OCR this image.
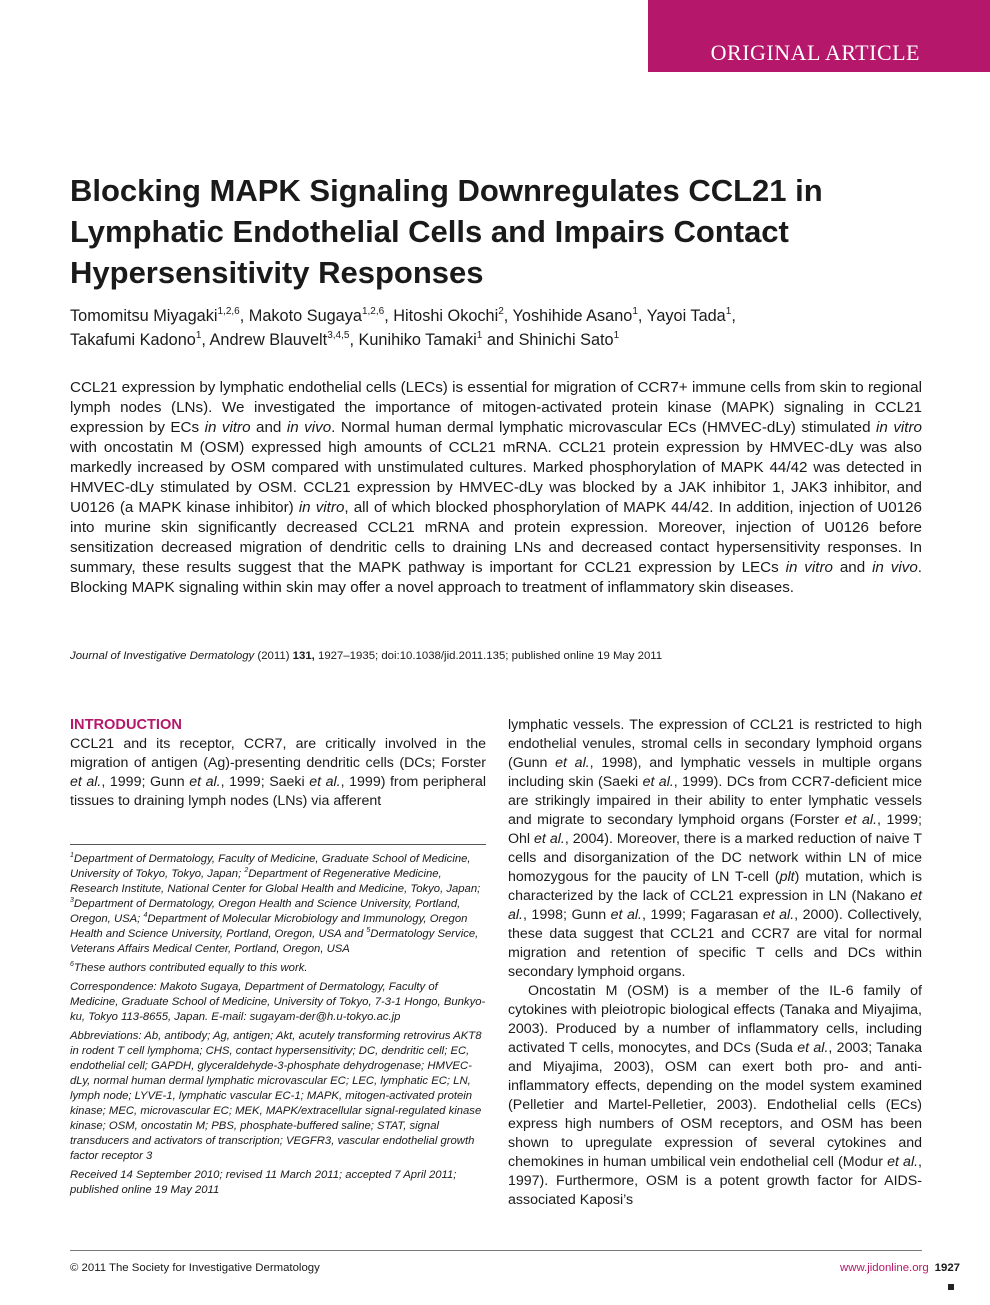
ORIGINAL ARTICLE
Blocking MAPK Signaling Downregulates CCL21 in Lymphatic Endothelial Cells and Impairs Contact Hypersensitivity Responses
Tomomitsu Miyagaki$^{1,2,6}$, Makoto Sugaya$^{1,2,6}$, Hitoshi Okochi$^2$, Yoshihide Asano$^1$, Yayoi Tada$^1$,
Takafumi Kadono$^1$, Andrew Blauvelt$^{3,4,5}$, Kunihiko Tamaki$^1$ and Shinichi Sato$^1$

CCL21 expression by lymphatic endothelial cells (LECs) is essential for migration of CCR7+ immune cells from skin to regional lymph nodes (LNs). We investigated the importance of mitogen-activated protein kinase (MAPK) signaling in CCL21 expression by ECs in vitro and in vivo. Normal human dermal lymphatic microvascular ECs (HMVEC-dLy) stimulated in vitro with oncostatin M (OSM) expressed high amounts of CCL21 mRNA. CCL21 protein expression by HMVEC-dLy was also markedly increased by OSM compared with unstimulated cultures. Marked phosphorylation of MAPK 44/42 was detected in HMVEC-dLy stimulated by OSM. CCL21 expression by HMVEC-dLy was blocked by a JAK inhibitor 1, JAK3 inhibitor, and U0126 (a MAPK kinase inhibitor) in vitro, all of which blocked phosphorylation of MAPK 44/42. In addition, injection of U0126 into murine skin significantly decreased CCL21 mRNA and protein expression. Moreover, injection of U0126 before sensitization decreased migration of dendritic cells to draining LNs and decreased contact hypersensitivity responses. In summary, these results suggest that the MAPK pathway is important for CCL21 expression by LECs in vitro and in vivo. Blocking MAPK signaling within skin may offer a novel approach to treatment of inflammatory skin diseases.

Journal of Investigative Dermatology (2011) 131, 1927–1935; doi:10.1038/jid.2011.135; published online 19 May 2011
INTRODUCTION

CCL21 and its receptor, CCR7, are critically involved in the migration of antigen (Ag)-presenting dendritic cells (DCs; Forster et al., 1999; Gunn et al., 1999; Saeki et al., 1999) from peripheral tissues to draining lymph nodes (LNs) via afferent

$^1$Department of Dermatology, Faculty of Medicine, Graduate School of Medicine, University of Tokyo, Tokyo, Japan; $^2$Department of Regenerative Medicine, Research Institute, National Center for Global Health and Medicine, Tokyo, Japan; $^3$Department of Dermatology, Oregon Health and Science University, Portland, Oregon, USA; $^4$Department of Molecular Microbiology and Immunology, Oregon Health and Science University, Portland, Oregon, USA and $^5$Dermatology Service, Veterans Affairs Medical Center, Portland, Oregon, USA

$^6$These authors contributed equally to this work.

Correspondence: Makoto Sugaya, Department of Dermatology, Faculty of Medicine, Graduate School of Medicine, University of Tokyo, 7-3-1 Hongo, Bunkyo-ku, Tokyo 113-8655, Japan. E-mail: sugayam-der@h.u-tokyo.ac.jp

Abbreviations: Ab, antibody; Ag, antigen; Akt, acutely transforming retrovirus AKT8 in rodent T cell lymphoma; CHS, contact hypersensitivity; DC, dendritic cell; EC, endothelial cell; GAPDH, glyceraldehyde-3-phosphate dehydrogenase; HMVEC-dLy, normal human dermal lymphatic microvascular EC; LEC, lymphatic EC; LN, lymph node; LYVE-1, lymphatic vascular EC-1; MAPK, mitogen-activated protein kinase; MEC, microvascular EC; MEK, MAPK/extracellular signal-regulated kinase kinase; OSM, oncostatin M; PBS, phosphate-buffered saline; STAT, signal transducers and activators of transcription; VEGFR3, vascular endothelial growth factor receptor 3

Received 14 September 2010; revised 11 March 2011; accepted 7 April 2011; published online 19 May 2011

lymphatic vessels. The expression of CCL21 is restricted to high endothelial venules, stromal cells in secondary lymphoid organs (Gunn et al., 1998), and lymphatic vessels in multiple organs including skin (Saeki et al., 1999). DCs from CCR7-deficient mice are strikingly impaired in their ability to enter lymphatic vessels and migrate to secondary lymphoid organs (Forster et al., 1999; Ohl et al., 2004). Moreover, there is a marked reduction of naive T cells and disorganization of the DC network within LN of mice homozygous for the paucity of LN T-cell (plt) mutation, which is characterized by the lack of CCL21 expression in LN (Nakano et al., 1998; Gunn et al., 1999; Fagarasan et al., 2000). Collectively, these data suggest that CCL21 and CCR7 are vital for normal migration and retention of specific T cells and DCs within secondary lymphoid organs.

Oncostatin M (OSM) is a member of the IL-6 family of cytokines with pleiotropic biological effects (Tanaka and Miyajima, 2003). Produced by a number of inflammatory cells, including activated T cells, monocytes, and DCs (Suda et al., 2003; Tanaka and Miyajima, 2003), OSM can exert both pro- and anti-inflammatory effects, depending on the model system examined (Pelletier and Martel-Pelletier, 2003). Endothelial cells (ECs) express high numbers of OSM receptors, and OSM has been shown to upregulate expression of several cytokines and chemokines in human umbilical vein endothelial cell (Modur et al., 1997). Furthermore, OSM is a potent growth factor for AIDS-associated Kaposi’s

© 2011 The Society for Investigative Dermatology	www.jidonline.org 1927
